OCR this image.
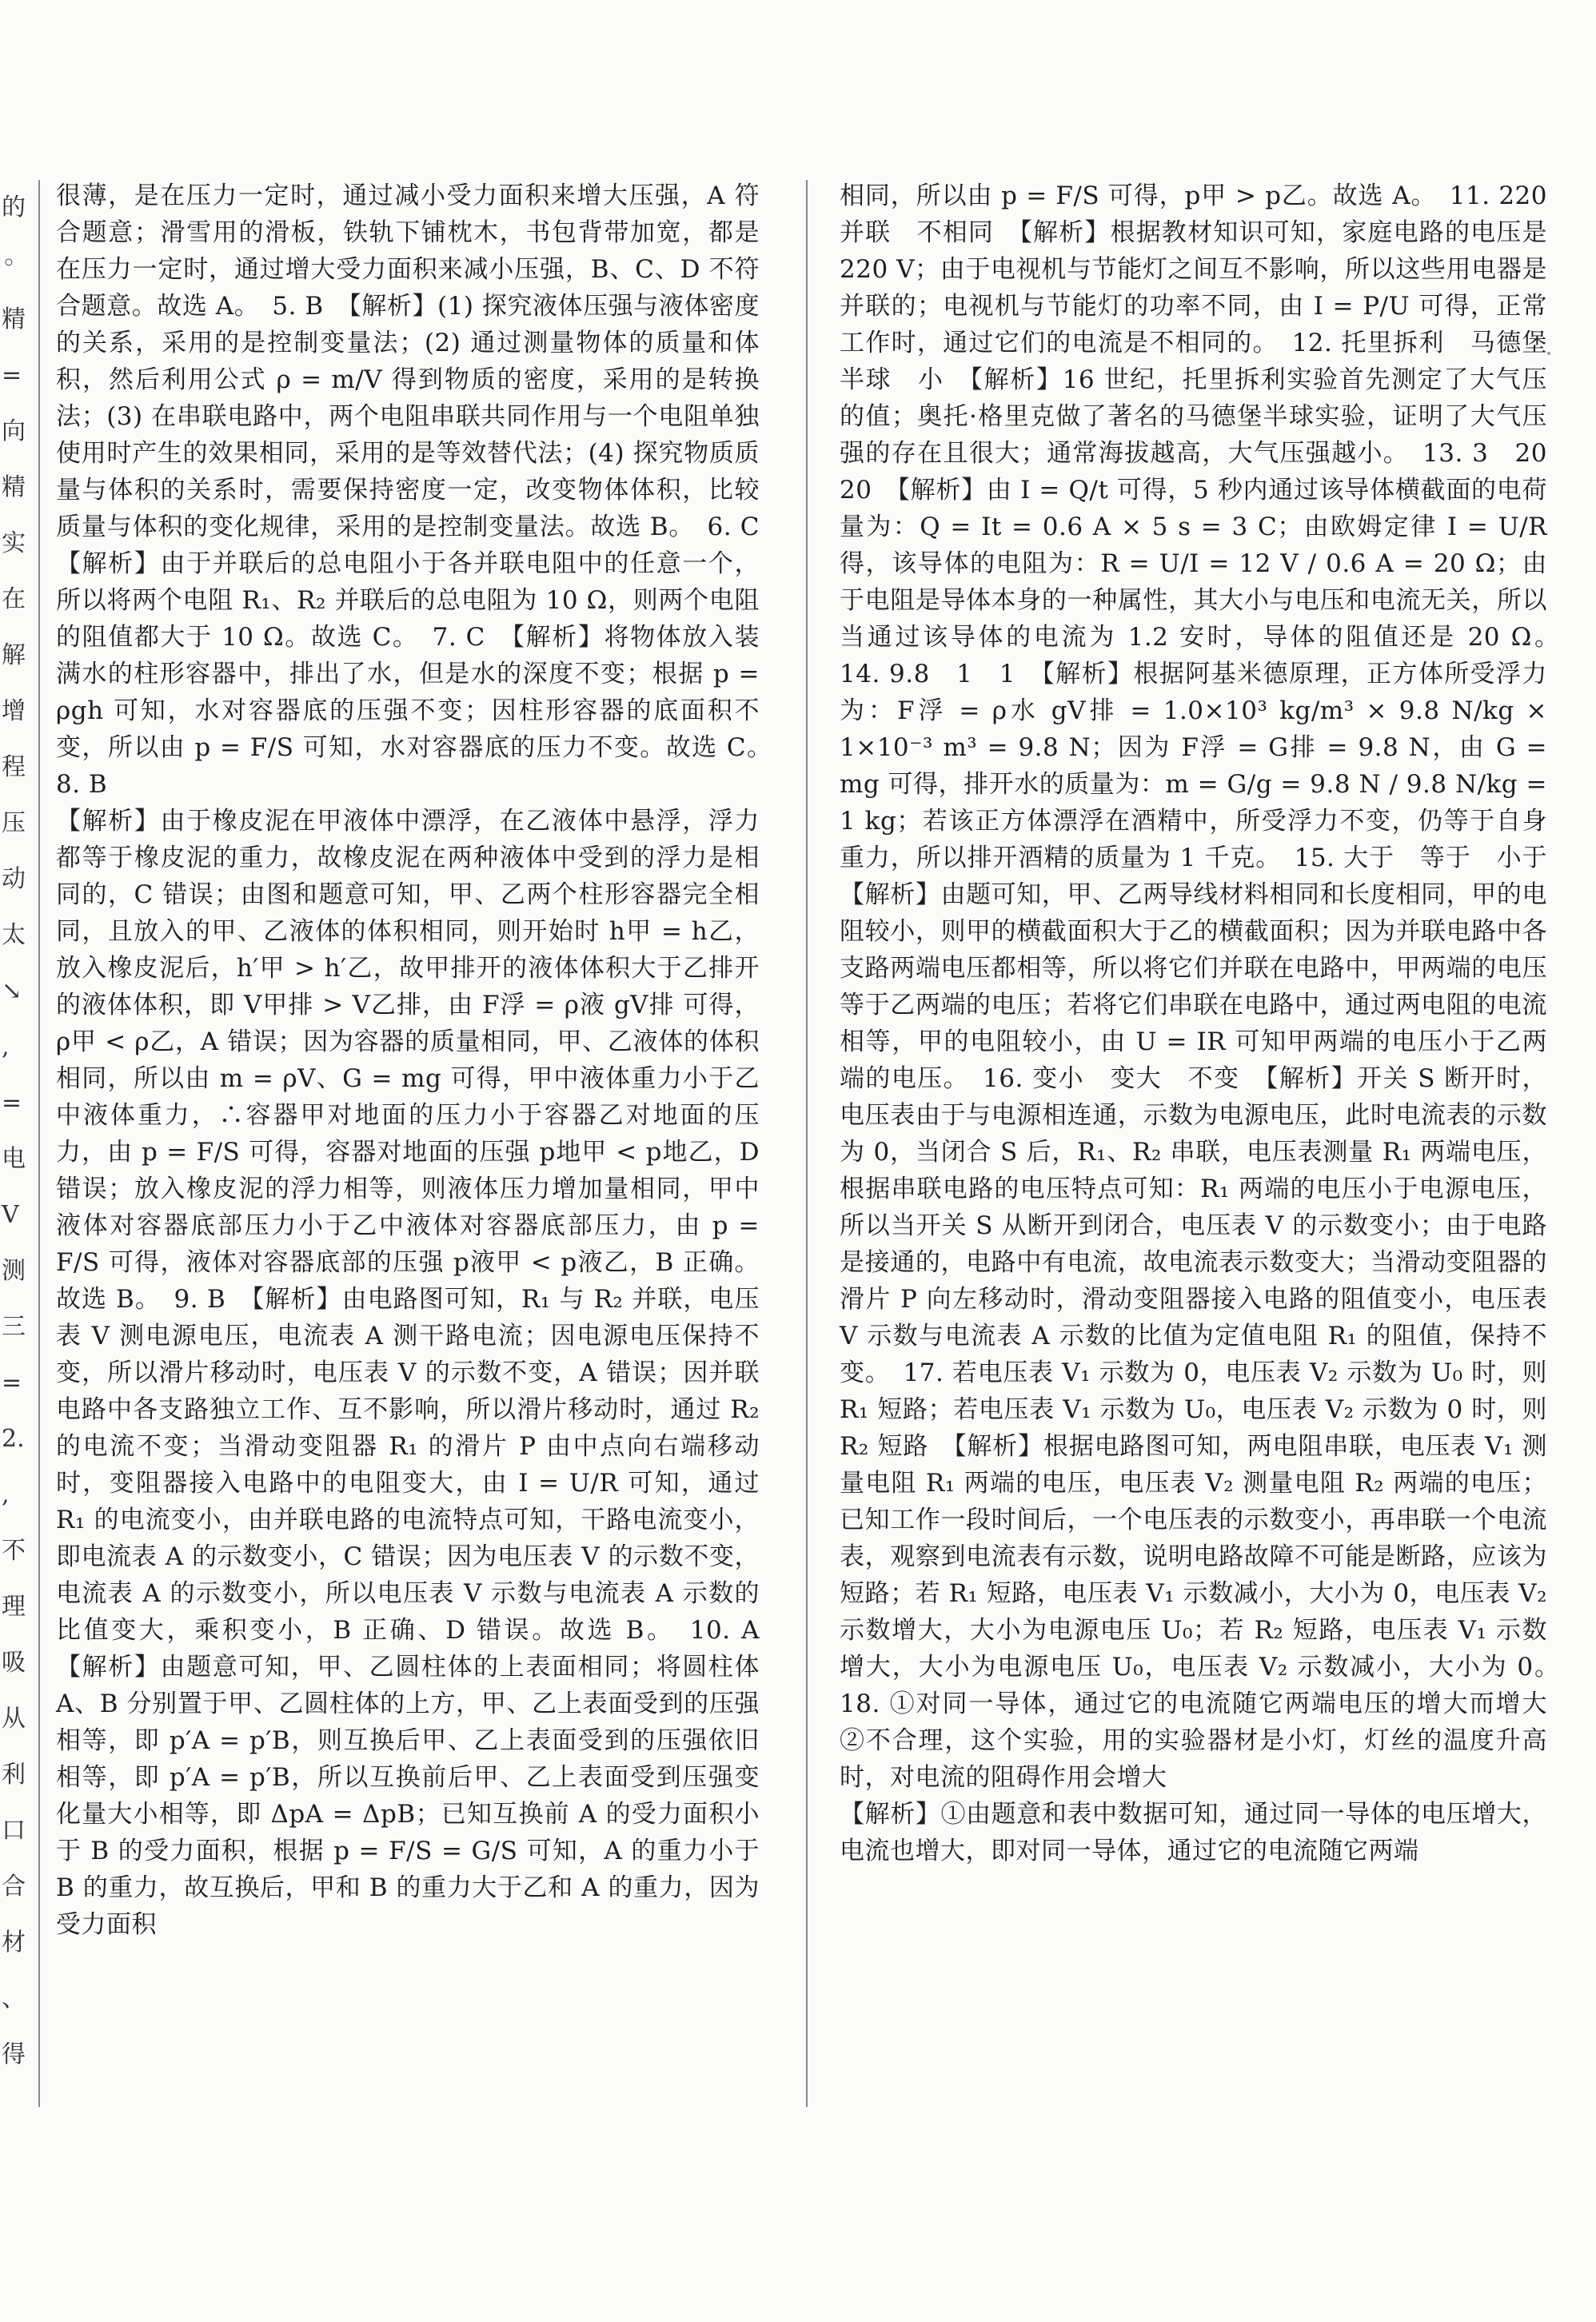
的
◦
精
=
向
精
实
在
解
增
程
压
动
太
↘
,
=
电
V
测
三
=
2.
,
不
理
吸
从
利
口
合
材
、
得

很薄，是在压力一定时，通过减小受力面积来增大压强，A 符合题意；滑雪用的滑板，铁轨下铺枕木，书包背带加宽，都是在压力一定时，通过增大受力面积来减小压强，B、C、D 不符合题意。故选 A。　5. B　【解析】(1) 探究液体压强与液体密度的关系，采用的是控制变量法；(2) 通过测量物体的质量和体积，然后利用公式 ρ = m/V 得到物质的密度，采用的是转换法；(3) 在串联电路中，两个电阻串联共同作用与一个电阻单独使用时产生的效果相同，采用的是等效替代法；(4) 探究物质质量与体积的关系时，需要保持密度一定，改变物体体积，比较质量与体积的变化规律，采用的是控制变量法。故选 B。　6. C　【解析】由于并联后的总电阻小于各并联电阻中的任意一个，所以将两个电阻 R₁、R₂ 并联后的总电阻为 10 Ω，则两个电阻的阻值都大于 10 Ω。故选 C。　7. C　【解析】将物体放入装满水的柱形容器中，排出了水，但是水的深度不变；根据 p = ρgh 可知，水对容器底的压强不变；因柱形容器的底面积不变，所以由 p = F/S 可知，水对容器底的压力不变。故选 C。　8. B

【解析】由于橡皮泥在甲液体中漂浮，在乙液体中悬浮，浮力都等于橡皮泥的重力，故橡皮泥在两种液体中受到的浮力是相同的，C 错误；由图和题意可知，甲、乙两个柱形容器完全相同，且放入的甲、乙液体的体积相同，则开始时 h甲 = h乙，放入橡皮泥后，h′甲 > h′乙，故甲排开的液体体积大于乙排开的液体体积，即 V甲排 > V乙排，由 F浮 = ρ液 gV排 可得，ρ甲 < ρ乙，A 错误；因为容器的质量相同，甲、乙液体的体积相同，所以由 m = ρV、G = mg 可得，甲中液体重力小于乙中液体重力，∴容器甲对地面的压力小于容器乙对地面的压力，由 p = F/S 可得，容器对地面的压强 p地甲 < p地乙，D 错误；放入橡皮泥的浮力相等，则液体压力增加量相同，甲中液体对容器底部压力小于乙中液体对容器底部压力，由 p = F/S 可得，液体对容器底部的压强 p液甲 < p液乙，B 正确。故选 B。　9. B　【解析】由电路图可知，R₁ 与 R₂ 并联，电压表 V 测电源电压，电流表 A 测干路电流；因电源电压保持不变，所以滑片移动时，电压表 V 的示数不变，A 错误；因并联电路中各支路独立工作、互不影响，所以滑片移动时，通过 R₂ 的电流不变；当滑动变阻器 R₁ 的滑片 P 由中点向右端移动时，变阻器接入电路中的电阻变大，由 I = U/R 可知，通过 R₁ 的电流变小，由并联电路的电流特点可知，干路电流变小，即电流表 A 的示数变小，C 错误；因为电压表 V 的示数不变，电流表 A 的示数变小，所以电压表 V 示数与电流表 A 示数的比值变大，乘积变小，B 正确、D 错误。故选 B。　10. A　【解析】由题意可知，甲、乙圆柱体的上表面相同；将圆柱体 A、B 分别置于甲、乙圆柱体的上方，甲、乙上表面受到的压强相等，即 p′A = p′B，则互换后甲、乙上表面受到的压强依旧相等，即 p′A = p′B，所以互换前后甲、乙上表面受到压强变化量大小相等，即 ΔpA = ΔpB；已知互换前 A 的受力面积小于 B 的受力面积，根据 p = F/S = G/S 可知，A 的重力小于 B 的重力，故互换后，甲和 B 的重力大于乙和 A 的重力，因为受力面积

相同，所以由 p = F/S 可得，p甲 > p乙。故选 A。　11. 220　并联　不相同　【解析】根据教材知识可知，家庭电路的电压是 220 V；由于电视机与节能灯之间互不影响，所以这些用电器是并联的；电视机与节能灯的功率不同，由 I = P/U 可得，正常工作时，通过它们的电流是不相同的。　12. 托里拆利　马德堡半球　小　【解析】16 世纪，托里拆利实验首先测定了大气压的值；奥托·格里克做了著名的马德堡半球实验，证明了大气压强的存在且很大；通常海拔越高，大气压强越小。　13. 3　20　20　【解析】由 I = Q/t 可得，5 秒内通过该导体横截面的电荷量为：Q = It = 0.6 A × 5 s = 3 C；由欧姆定律 I = U/R 得，该导体的电阻为：R = U/I = 12 V / 0.6 A = 20 Ω；由于电阻是导体本身的一种属性，其大小与电压和电流无关，所以当通过该导体的电流为 1.2 安时，导体的阻值还是 20 Ω。　14. 9.8　1　1　【解析】根据阿基米德原理，正方体所受浮力为：F浮 = ρ水 gV排 = 1.0×10³ kg/m³ × 9.8 N/kg × 1×10⁻³ m³ = 9.8 N；因为 F浮 = G排 = 9.8 N，由 G = mg 可得，排开水的质量为：m = G/g = 9.8 N / 9.8 N/kg = 1 kg；若该正方体漂浮在酒精中，所受浮力不变，仍等于自身重力，所以排开酒精的质量为 1 千克。　15. 大于　等于　小于　【解析】由题可知，甲、乙两导线材料相同和长度相同，甲的电阻较小，则甲的横截面积大于乙的横截面积；因为并联电路中各支路两端电压都相等，所以将它们并联在电路中，甲两端的电压等于乙两端的电压；若将它们串联在电路中，通过两电阻的电流相等，甲的电阻较小，由 U = IR 可知甲两端的电压小于乙两端的电压。　16. 变小　变大　不变　【解析】开关 S 断开时，电压表由于与电源相连通，示数为电源电压，此时电流表的示数为 0，当闭合 S 后，R₁、R₂ 串联，电压表测量 R₁ 两端电压，根据串联电路的电压特点可知：R₁ 两端的电压小于电源电压，所以当开关 S 从断开到闭合，电压表 V 的示数变小；由于电路是接通的，电路中有电流，故电流表示数变大；当滑动变阻器的滑片 P 向左移动时，滑动变阻器接入电路的阻值变小，电压表 V 示数与电流表 A 示数的比值为定值电阻 R₁ 的阻值，保持不变。　17. 若电压表 V₁ 示数为 0，电压表 V₂ 示数为 U₀ 时，则 R₁ 短路；若电压表 V₁ 示数为 U₀，电压表 V₂ 示数为 0 时，则 R₂ 短路　【解析】根据电路图可知，两电阻串联，电压表 V₁ 测量电阻 R₁ 两端的电压，电压表 V₂ 测量电阻 R₂ 两端的电压；已知工作一段时间后，一个电压表的示数变小，再串联一个电流表，观察到电流表有示数，说明电路故障不可能是断路，应该为短路；若 R₁ 短路，电压表 V₁ 示数减小，大小为 0，电压表 V₂ 示数增大，大小为电源电压 U₀；若 R₂ 短路，电压表 V₁ 示数增大，大小为电源电压 U₀，电压表 V₂ 示数减小，大小为 0。　18. ①对同一导体，通过它的电流随它两端电压的增大而增大　②不合理，这个实验，用的实验器材是小灯，灯丝的温度升高时，对电流的阻碍作用会增大

【解析】①由题意和表中数据可知，通过同一导体的电压增大，电流也增大，即对同一导体，通过它的电流随它两端
